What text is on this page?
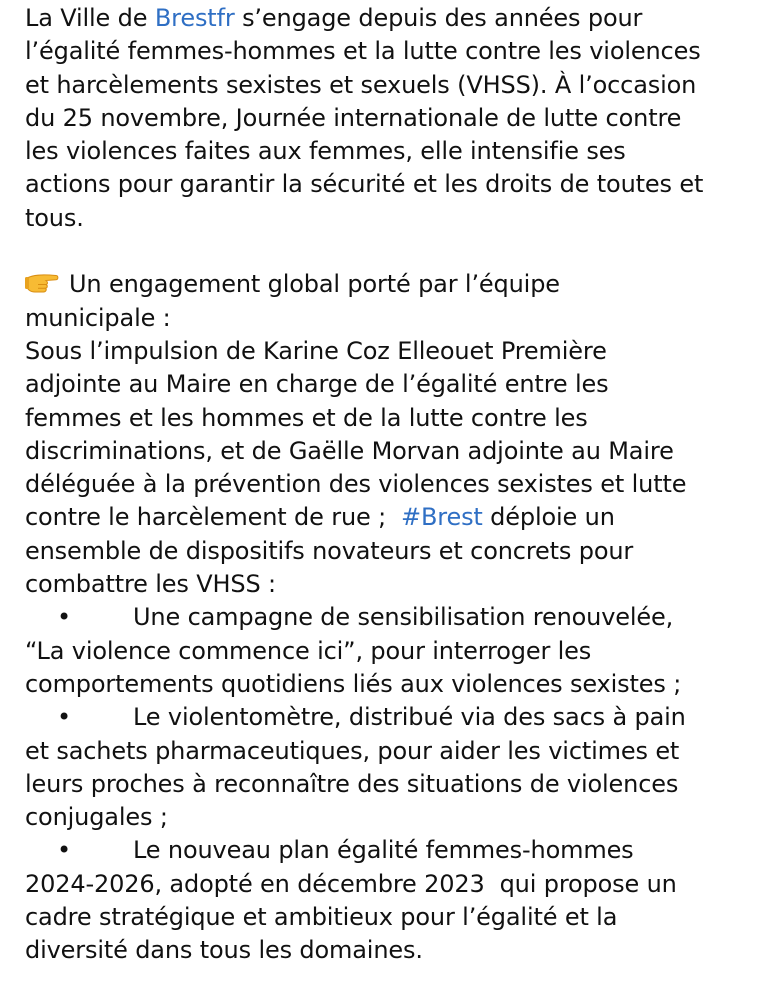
La Ville de Brestfr s’engage depuis des années pour
l’égalité femmes-hommes et la lutte contre les violences
et harcèlements sexistes et sexuels (VHSS). À l’occasion
du 25 novembre, Journée internationale de lutte contre
les violences faites aux femmes, elle intensifie ses
actions pour garantir la sécurité et les droits de toutes et
tous.
Un engagement global porté par l’équipe
municipale :
Sous l’impulsion de Karine Coz Elleouet Première
adjointe au Maire en charge de l’égalité entre les
femmes et les hommes et de la lutte contre les
discriminations, et de Gaëlle Morvan adjointe au Maire
déléguée à la prévention des violences sexistes et lutte
contre le harcèlement de rue ;  #Brest déploie un
ensemble de dispositifs novateurs et concrets pour
combattre les VHSS :
•	Une campagne de sensibilisation renouvelée,
“La violence commence ici”, pour interroger les
comportements quotidiens liés aux violences sexistes ;
•	Le violentomètre, distribué via des sacs à pain
et sachets pharmaceutiques, pour aider les victimes et
leurs proches à reconnaître des situations de violences
conjugales ;
•	Le nouveau plan égalité femmes-hommes
2024-2026, adopté en décembre 2023  qui propose un
cadre stratégique et ambitieux pour l’égalité et la
diversité dans tous les domaines.
